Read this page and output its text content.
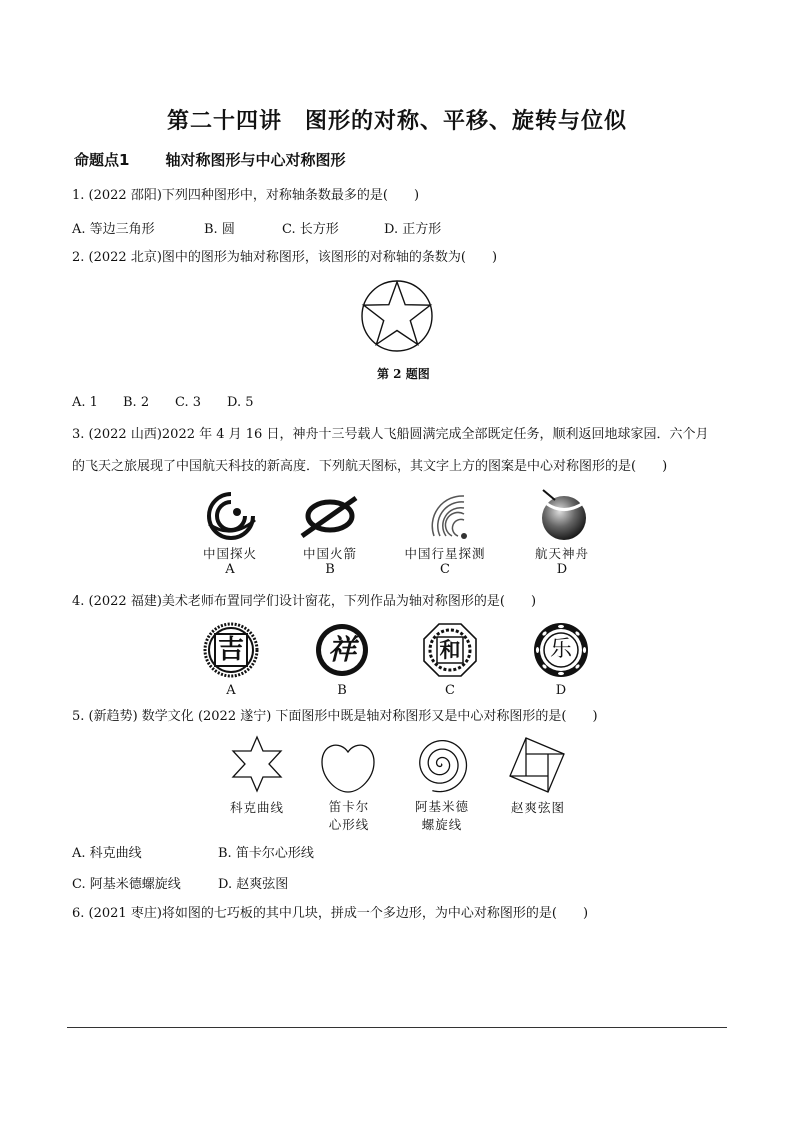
第二十四讲　图形的对称、平移、旋转与位似
命题点1 轴对称图形与中心对称图形
1. (2022 邵阳)下列四种图形中，对称轴条数最多的是(　　)
A. 等边三角形	B. 圆	C. 长方形	D. 正方形
2. (2022 北京)图中的图形为轴对称图形，该图形的对称轴的条数为(　　)
第 2 题图
A. 1 B. 2 C. 3 D. 5
3. (2022 山西)2022 年 4 月 16 日，神舟十三号载人飞船圆满完成全部既定任务，顺利返回地球家园．六个月
的飞天之旅展现了中国航天科技的新高度．下列航天图标，其文字上方的图案是中心对称图形的是(　　)
中国探火	中国火箭	中国行星探测	航天神舟
A	B	C	D
4. (2022 福建)美术老师布置同学们设计窗花，下列作品为轴对称图形的是(　　)
吉	祥	和	乐
A	B	C	D
5. (新趋势) 数学文化 (2022 遂宁) 下面图形中既是轴对称图形又是中心对称图形的是(　　)
科克曲线	笛卡尔
心形线
阿基米德
螺旋线
赵爽弦图
A. 科克曲线	B. 笛卡尔心形线
C. 阿基米德螺旋线	D. 赵爽弦图
6. (2021 枣庄)将如图的七巧板的其中几块，拼成一个多边形，为中心对称图形的是(　　)
